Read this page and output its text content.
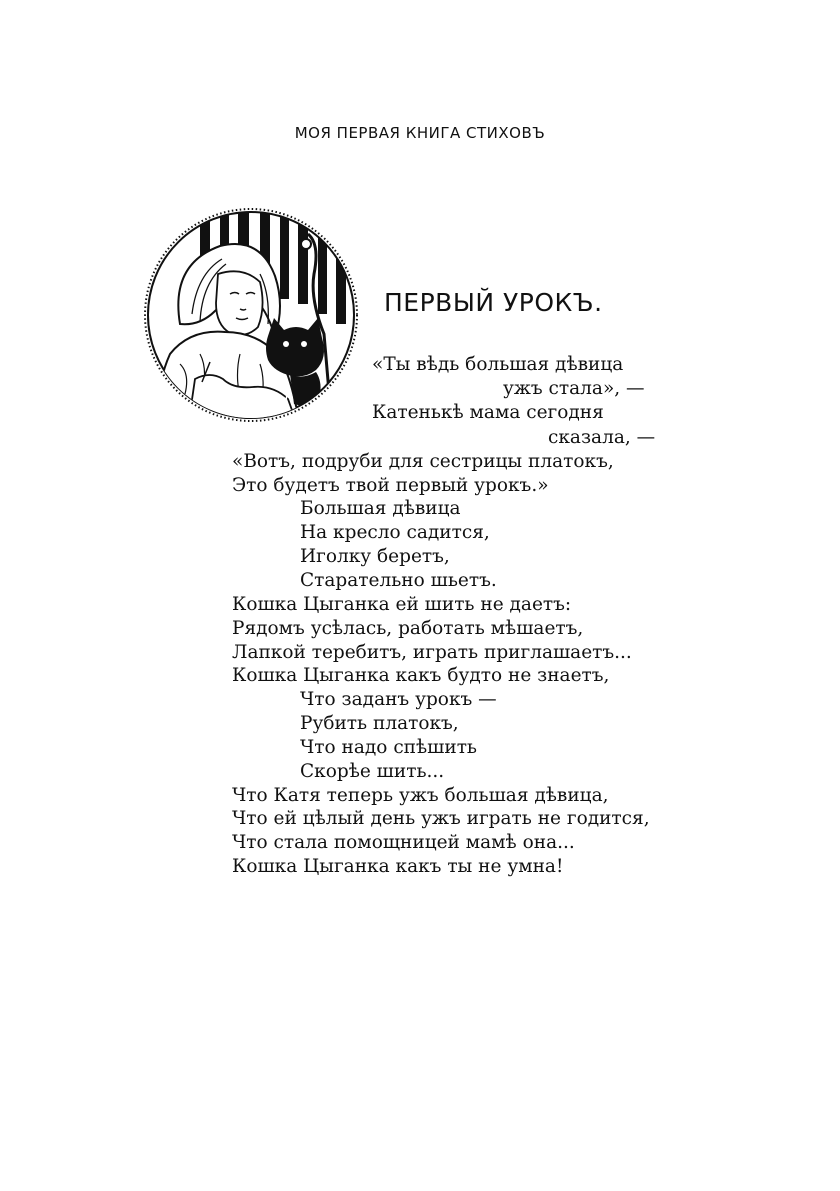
МОЯ ПЕРВАЯ КНИГА СТИХОВЪ
ПЕРВЫЙ УРОКЪ.
«Ты вѣдь большая дѣвица
ужъ стала», —
Катенькѣ мама сегодня
сказала, —
«Вотъ, подруби для сестрицы платокъ,
Это будетъ твой первый урокъ.»
Большая дѣвица
На кресло садится,
Иголку беретъ,
Старательно шьетъ.
Кошка Цыганка ей шить не даетъ:
Рядомъ усѣлась, работать мѣшаетъ,
Лапкой теребитъ, играть приглашаетъ...
Кошка Цыганка какъ будто не знаетъ,
Что заданъ урокъ —
Рубить платокъ,
Что надо спѣшить
Скорѣе шить...
Что Катя теперь ужъ большая дѣвица,
Что ей цѣлый день ужъ играть не годится,
Что стала помощницей мамѣ она...
Кошка Цыганка какъ ты не умна!
